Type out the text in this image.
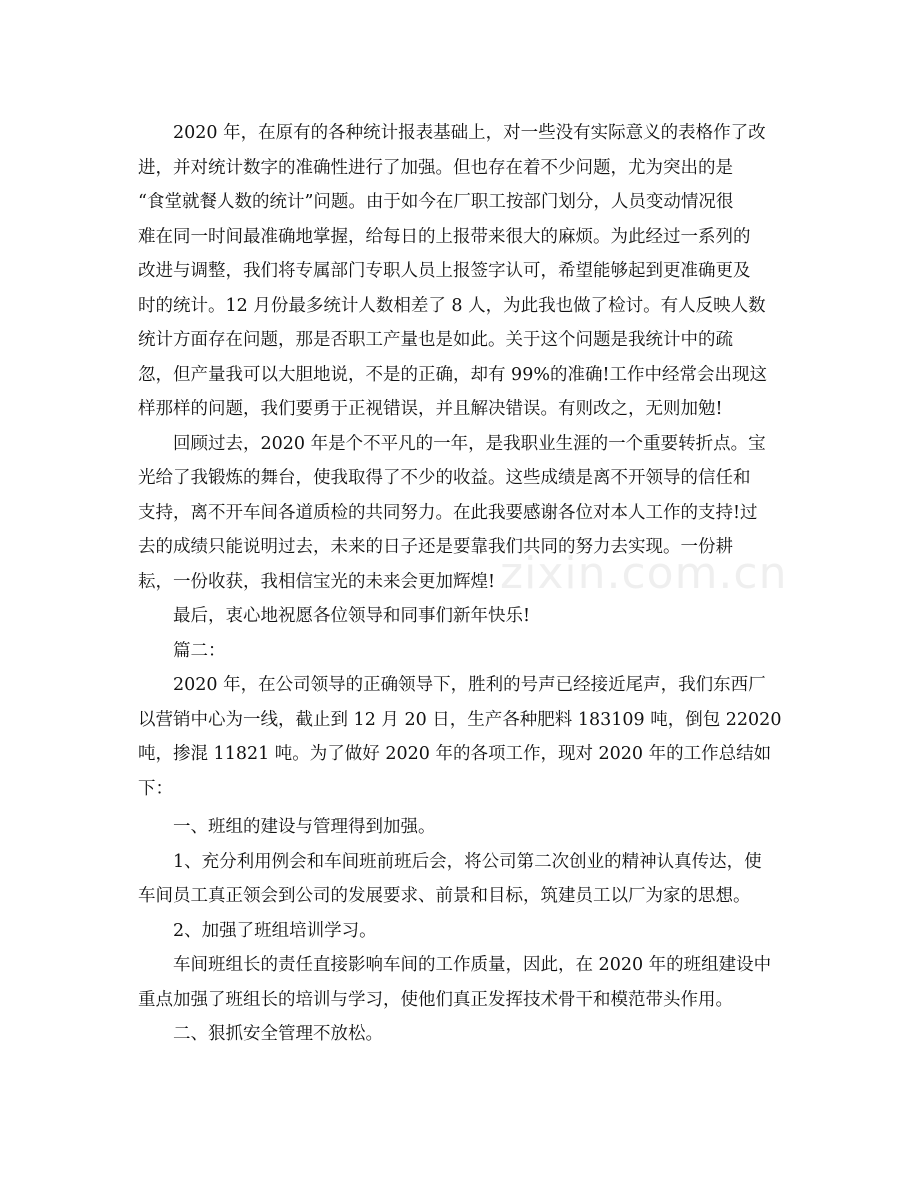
　　2020 年，在原有的各种统计报表基础上，对一些没有实际意义的表格作了改
进，并对统计数字的准确性进行了加强。但也存在着不少问题，尤为突出的是
“食堂就餐人数的统计”问题。由于如今在厂职工按部门划分，人员变动情况很
难在同一时间最准确地掌握，给每日的上报带来很大的麻烦。为此经过一系列的
改进与调整，我们将专属部门专职人员上报签字认可，希望能够起到更准确更及
时的统计。12 月份最多统计人数相差了 8 人，为此我也做了检讨。有人反映人数
统计方面存在问题，那是否职工产量也是如此。关于这个问题是我统计中的疏
忽，但产量我可以大胆地说，不是的正确，却有 99%的准确!工作中经常会出现这
样那样的问题，我们要勇于正视错误，并且解决错误。有则改之，无则加勉!
　　回顾过去，2020 年是个不平凡的一年，是我职业生涯的一个重要转折点。宝
光给了我锻炼的舞台，使我取得了不少的收益。这些成绩是离不开领导的信任和
支持，离不开车间各道质检的共同努力。在此我要感谢各位对本人工作的支持!过
去的成绩只能说明过去，未来的日子还是要靠我们共同的努力去实现。一份耕
耘，一份收获，我相信宝光的未来会更加辉煌!
　　最后，衷心地祝愿各位领导和同事们新年快乐!
　　篇二：
　　2020 年，在公司领导的正确领导下，胜利的号声已经接近尾声，我们东西厂
以营销中心为一线，截止到 12 月 20 日，生产各种肥料 183109 吨，倒包 22020
吨，掺混 11821 吨。为了做好 2020 年的各项工作，现对 2020 年的工作总结如
下：
　　一、班组的建设与管理得到加强。
　　1、充分利用例会和车间班前班后会，将公司第二次创业的精神认真传达，使
车间员工真正领会到公司的发展要求、前景和目标，筑建员工以厂为家的思想。
　　2、加强了班组培训学习。
　　车间班组长的责任直接影响车间的工作质量，因此，在 2020 年的班组建设中
重点加强了班组长的培训与学习，使他们真正发挥技术骨干和模范带头作用。
　　二、狠抓安全管理不放松。
zixin.com.cn
